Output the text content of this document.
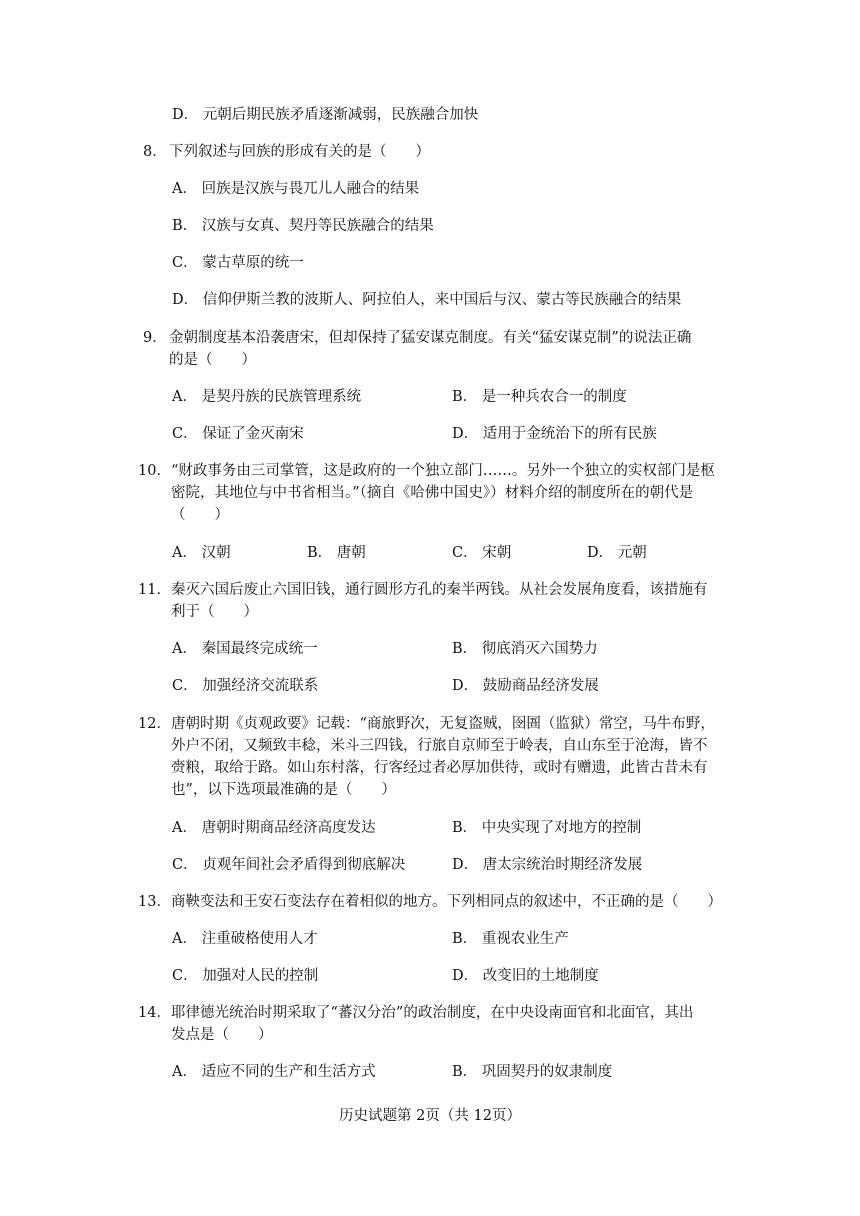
D． 元朝后期民族矛盾逐渐减弱，民族融合加快
8． 下列叙述与回族的形成有关的是（　　）
A． 回族是汉族与畏兀儿人融合的结果
B． 汉族与女真、契丹等民族融合的结果
C． 蒙古草原的统一
D． 信仰伊斯兰教的波斯人、阿拉伯人，来中国后与汉、蒙古等民族融合的结果
9． 金朝制度基本沿袭唐宋，但却保持了猛安谋克制度。有关“猛安谋克制”的说法正确
的是（　　）
A． 是契丹族的民族管理系统	B． 是一种兵农合一的制度
C． 保证了金灭南宋	D． 适用于金统治下的所有民族
10． “财政事务由三司掌管，这是政府的一个独立部门……。另外一个独立的实权部门是枢
密院，其地位与中书省相当。”（摘自《哈佛中国史》）材料介绍的制度所在的朝代是
（　　）
A． 汉朝	B． 唐朝	C． 宋朝	D． 元朝
11． 秦灭六国后废止六国旧钱，通行圆形方孔的秦半两钱。从社会发展角度看，该措施有
利于（　　）
A． 秦国最终完成统一	B． 彻底消灭六国势力
C． 加强经济交流联系	D． 鼓励商品经济发展
12． 唐朝时期《贞观政要》记载：“商旅野次，无复盗贼，囹圄（监狱）常空，马牛布野，
外户不闭，又频致丰稔，米斗三四钱，行旅自京师至于岭表，自山东至于沧海，皆不
赍粮，取给于路。如山东村落，行客经过者必厚加供待，或时有赠遗，此皆古昔未有
也”，以下选项最准确的是（　　）
A． 唐朝时期商品经济高度发达	B． 中央实现了对地方的控制
C． 贞观年间社会矛盾得到彻底解决	D． 唐太宗统治时期经济发展
13． 商鞅变法和王安石变法存在着相似的地方。下列相同点的叙述中，不正确的是（　　）
A． 注重破格使用人才	B． 重视农业生产
C． 加强对人民的控制	D． 改变旧的土地制度
14． 耶律德光统治时期采取了“蕃汉分治”的政治制度，在中央设南面官和北面官，其出
发点是（　　）
A． 适应不同的生产和生活方式	B． 巩固契丹的奴隶制度
历史试题第 2页（共 12页）
